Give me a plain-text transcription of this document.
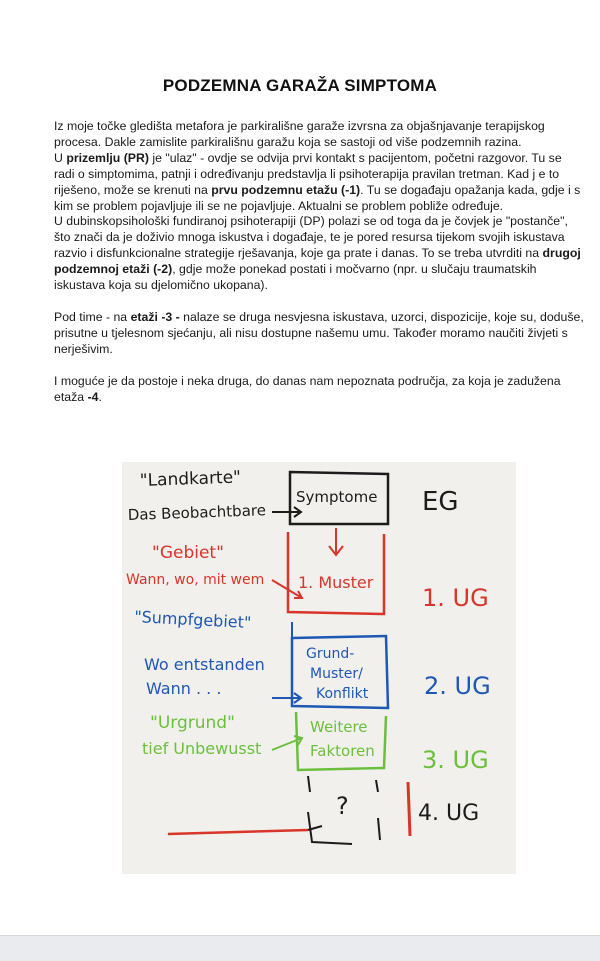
PODZEMNA GARAŽA SIMPTOMA

Iz moje točke gledišta metafora je parkirališne garaže izvrsna za objašnjavanje terapijskog
procesa. Dakle zamislite parkirališnu garažu koja se sastoji od više podzemnih razina.

U prizemlju (PR) je "ulaz" - ovdje se odvija prvi kontakt s pacijentom, početni razgovor. Tu se radi o simptomima, patnji i određivanju predstavlja li psihoterapija pravilan tretman. Kad j e to riješeno, može se krenuti na prvu podzemnu etažu (-1). Tu se događaju opažanja kada, gdje i s kim se problem pojavljuje ili se ne pojavljuje. Aktualni se problem pobliže određuje.

U dubinskopsihološki fundiranoj psihoterapiji (DP) polazi se od toga da je čovjek je "postanče", što znači da je doživio mnoga iskustva i događaje, te je pored resursa tijekom svojih iskustava razvio i disfunkcionalne strategije rješavanja, koje ga prate i danas. To se treba utvrditi na drugoj podzemnoj etaži (-2), gdje može ponekad postati i močvarno (npr. u slučaju traumatskih iskustava koja su djelomično ukopana).

Pod time - na etaži -3 - nalaze se druga nesvjesna iskustava, uzorci, dispozicije, koje su, doduše, prisutne u tjelesnom sjećanju, ali nisu dostupne našemu umu. Također moramo naučiti živjeti s nerješivim.

I moguće je da postoje i neka druga, do danas nam nepoznata područja, za koja je zadužena etaža -4.

"Landkarte"
Das Beobachtbare
"Gebiet"
Wann, wo, mit wem
"Sumpfgebiet"
Wo entstanden
Wann . . .
"Urgrund"
tief Unbewusst
Symptome
1. Muster
Grund-
Muster/
Konflikt
Weitere
Faktoren
?
EG
1. UG
2. UG
3. UG
4. UG
